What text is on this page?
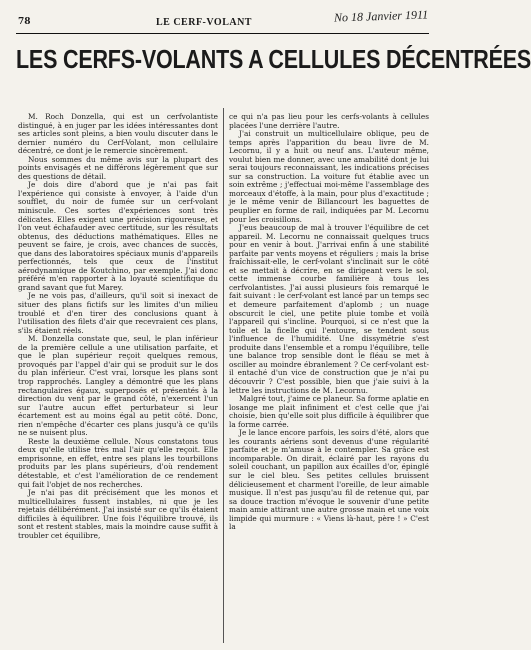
78	LE CERF-VOLANT	No 18 Janvier 1911
LES CERFS-VOLANTS A CELLULES DÉCENTRÉES

M. Roch Donzella, qui est un cerfvolantiste distingué, à en juger par les idées intéressantes dont ses articles sont pleins, a bien voulu discuter dans le dernier numéro du Cerf-Volant, mon cellulaire décentré, ce dont je le remercie sincèrement.

Nous sommes du même avis sur la plupart des points envisagés et ne différons légèrement que sur des questions de détail.

Je dois dire d'abord que je n'ai pas fait l'expérience qui consiste à envoyer, à l'aide d'un soufflet, du noir de fumée sur un cerf-volant miniscule. Ces sortes d'expériences sont très délicates. Elles exigent une précision rigoureuse, et l'on veut échafauder avec certitude, sur les résultats obtenus, des déductions mathématiques. Elles ne peuvent se faire, je crois, avec chances de succès, que dans des laboratoires spéciaux munis d'appareils perfectionnés, tels que ceux de l'institut aérodynamique de Koutchino, par exemple. J'ai donc préféré m'en rapporter à la loyauté scientifique du grand savant que fut Marey.

Je ne vois pas, d'ailleurs, qu'il soit si inexact de situer des plans fictifs sur les limites d'un milieu troublé et d'en tirer des conclusions quant à l'utilisation des filets d'air que recevraient ces plans, s'ils étaient réels.

M. Donzella constate que, seul, le plan inférieur de la première cellule a une utilisation parfaite, et que le plan supérieur reçoit quelques remous, provoqués par l'appel d'air qui se produit sur le dos du plan inférieur. C'est vrai, lorsque les plans sont trop rapprochés. Langley a démontré que les plans rectangulaires égaux, superposés et présentés à la direction du vent par le grand côté, n'exercent l'un sur l'autre aucun effet perturbateur si leur écartement est au moins égal au petit côté. Donc, rien n'empêche d'écarter ces plans jusqu'à ce qu'ils ne se nuisent plus.

Reste la deuxième cellule. Nous constatons tous deux qu'elle utilise très mal l'air qu'elle reçoit. Elle emprisonne, en effet, entre ses plans les tourbillons produits par les plans supérieurs, d'où rendement détestable, et c'est l'amélioration de ce rendement qui fait l'objet de nos recherches.

Je n'ai pas dit précisément que les monos et multicellulaires fussent instables, ni que je les rejetais délibérément. J'ai insisté sur ce qu'ils étaient difficiles à équilibrer. Une fois l'équilibre trouvé, ils sont et restent stables, mais la moindre cause suffit à troubler cet équilibre,

ce qui n'a pas lieu pour les cerfs-volants à cellules placées l'une derrière l'autre.

J'ai construit un multicellulaire oblique, peu de temps après l'apparition du beau livre de M. Lecornu, il y a huit ou neuf ans. L'auteur même, voulut bien me donner, avec une amabilité dont je lui serai toujours reconnaissant, les indications précises sur sa construction. La voiture fut établie avec un soin extrême ; j'effectuai moi-même l'assemblage des morceaux d'étoffe, à la main, pour plus d'exactitude ; je le même venir de Billancourt les baguettes de peuplier en forme de rail, indiquées par M. Lecornu pour les croisillons.

J'eus beaucoup de mal à trouver l'équilibre de cet appareil. M. Lecornu ne connaissait quelques trucs pour en venir à bout. J'arrivai enfin à une stabilité parfaite par vents moyens et réguliers ; mais la brise fraîchissait-elle, le cerf-volant s'inclinait sur le côté et se mettait à décrire, en se dirigeant vers le sol, cette immense courbe familière à tous les cerfvolantistes. J'ai aussi plusieurs fois remarqué le fait suivant : le cerf-volant est lancé par un temps sec et demeure parfaitement d'aplomb ; un nuage obscurcit le ciel, une petite pluie tombe et voilà l'appareil qui s'incline. Pourquoi, si ce n'est que la toile et la ficelle qui l'entoure, se tendent sous l'influence de l'humidité. Une dissymétrie s'est produite dans l'ensemble et a rompu l'équilibre, telle une balance trop sensible dont le fléau se met à osciller au moindre ébranlement ? Ce cerf-volant est-il entaché d'un vice de construction que je n'ai pu découvrir ? C'est possible, bien que j'aie suivi à la lettre les instructions de M. Lecornu.

Malgré tout, j'aime ce planeur. Sa forme aplatie en losange me plait infiniment et c'est celle que j'ai choisie, bien qu'elle soit plus difficile à équilibrer que la forme carrée.

Je le lance encore parfois, les soirs d'été, alors que les courants aériens sont devenus d'une régularité parfaite et je m'amuse à le contempler. Sa grâce est incomparable. On dirait, éclairé par les rayons du soleil couchant, un papillon aux écailles d'or, épinglé sur le ciel bleu. Ses petites cellules bruissent délicieusement et charment l'oreille, de leur aimable musique. Il n'est pas jusqu'au fil de retenue qui, par sa douce traction m'évoque le souvenir d'une petite main amie attirant une autre grosse main et une voix limpide qui murmure : « Viens là-haut, père ! » C'est la
